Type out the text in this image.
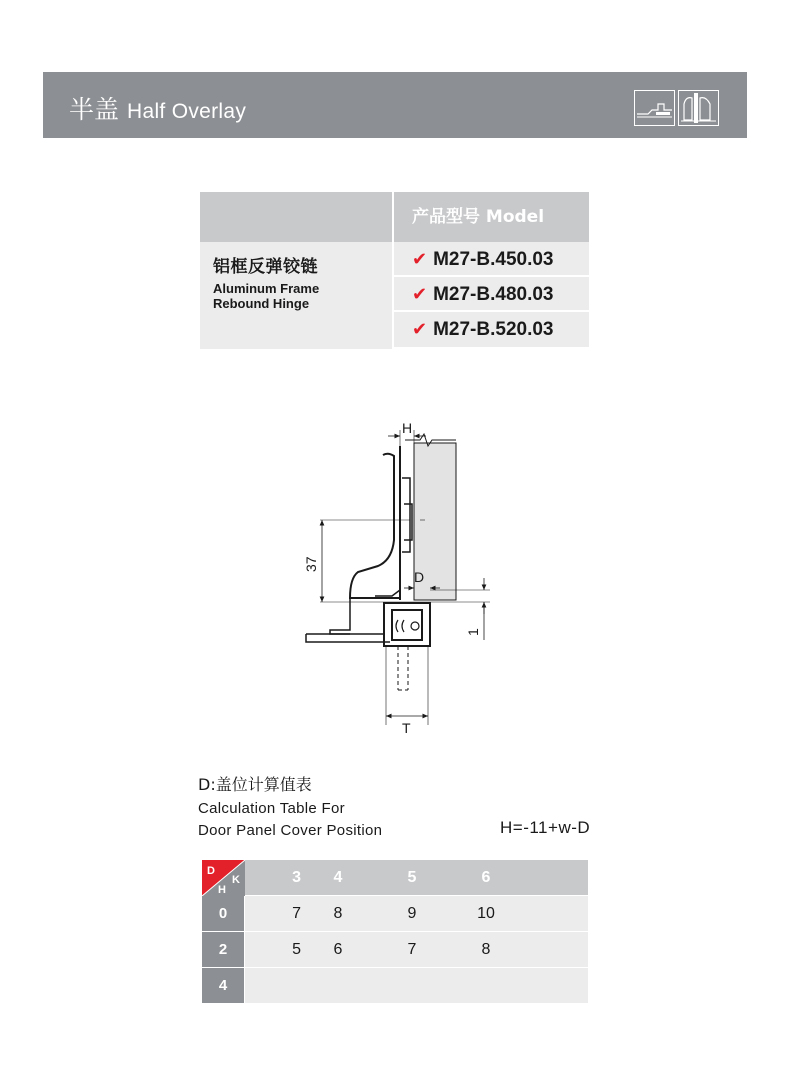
半盖 Half Overlay
产品型号 Model
铝框反弹铰链
Aluminum Frame
Rebound Hinge
✔ M27-B.450.03
✔ M27-B.480.03
✔ M27-B.520.03
H
37
D
1
T
D:盖位计算值表
Calculation Table For
Door Panel Cover Position	H=-11+w-D
D
K
H
3	4	5	6
0	7	8	9	10
2	5	6	7	8
4
